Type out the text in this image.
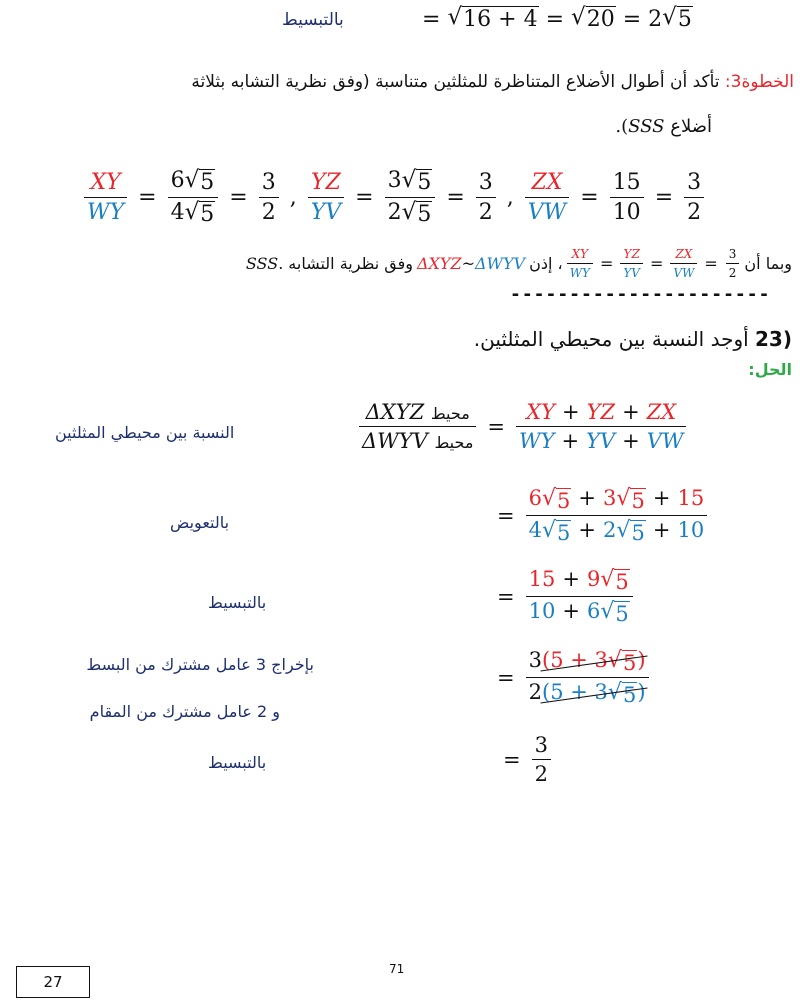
بالتبسيط	= √ 16 + 4 = √ 20 = 2 √ 5
الخطوة3: تأكد أن أطوال الأضلاع المتناظرة للمثلثين متناسبة (وفق نظرية التشابه بثلاثة
أضلاع SSS).
$\frac{XY}{WY} = \frac{6 √ 5}{4 √ 5} = \frac{3}{2}$ , $\frac{YZ}{YV} = \frac{3 √ 5}{2 √ 5} = \frac{3}{2}$ , $\frac{ZX}{VW} = \frac{15}{10} = \frac{3}{2}$
وبما أن
$\frac{3}{2}$
=
$\frac{ZX}{VW}$
=
$\frac{YZ}{YV}$
=
$\frac{XY}{WY}$
، إذن
ΔXYZ~ΔWYV
وفق نظرية التشابه
SSS.
----------------------
23) أوجد النسبة بين محيطي المثلثين.
الحل:
النسبة بين محيطي المثلثين	$\frac{\text{محيط ΔXYZ}}{\text{محيط ΔWYV}} = \frac{XY + YZ + ZX}{WY + YV + VW}$
بالتعويض	= $\frac{6 √ 5 + 3 √ 5 + 15}{4 √ 5 + 2 √ 5 + 10}$
بالتبسيط	= $\frac{15 + 9 √ 5}{10 + 6 √ 5}$
بإخراج 3 عامل مشترك من البسط
و 2 عامل مشترك من المقام
= $\frac{3(5 + 3 √ 5 )}{2(5 + 3 √ 5 )}$
بالتبسيط	= $\frac{3}{2}$
71
27
